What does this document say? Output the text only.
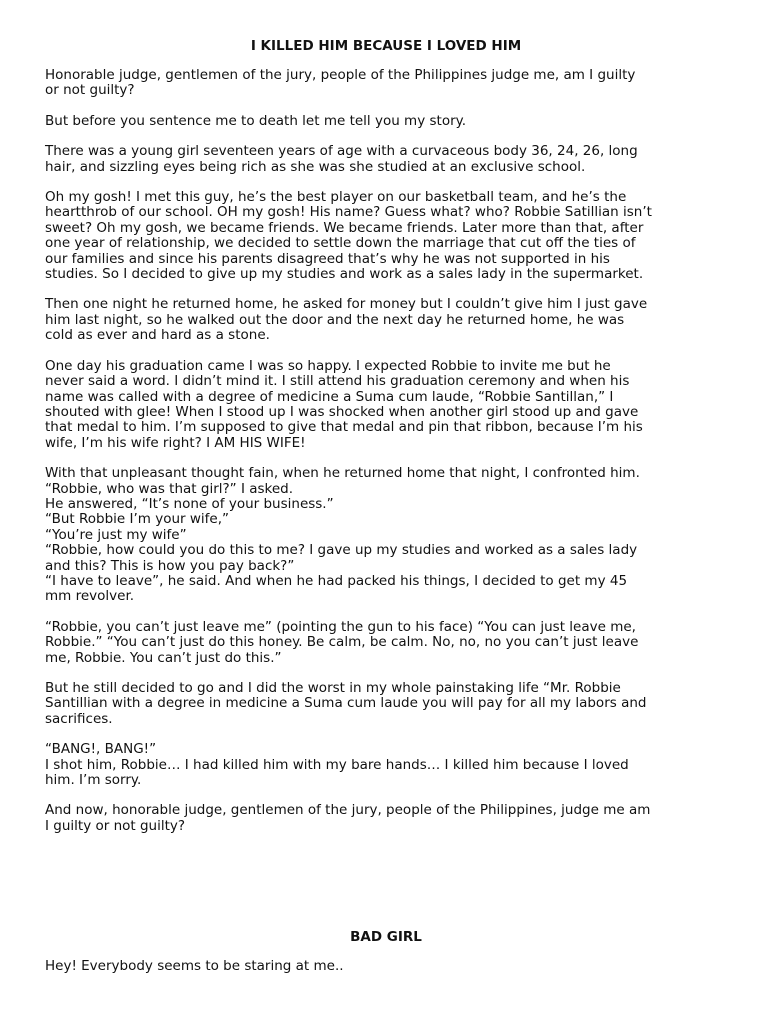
I KILLED HIM BECAUSE I LOVED HIM

Honorable judge, gentlemen of the jury, people of the Philippines judge me, am I guilty
or not guilty?

But before you sentence me to death let me tell you my story.

There was a young girl seventeen years of age with a curvaceous body 36, 24, 26, long
hair, and sizzling eyes being rich as she was she studied at an exclusive school.

Oh my gosh! I met this guy, he’s the best player on our basketball team, and he’s the
heartthrob of our school. OH my gosh! His name? Guess what? who? Robbie Satillian isn’t
sweet? Oh my gosh, we became friends. We became friends. Later more than that, after
one year of relationship, we decided to settle down the marriage that cut off the ties of
our families and since his parents disagreed that’s why he was not supported in his
studies. So I decided to give up my studies and work as a sales lady in the supermarket.

Then one night he returned home, he asked for money but I couldn’t give him I just gave
him last night, so he walked out the door and the next day he returned home, he was
cold as ever and hard as a stone.

One day his graduation came I was so happy. I expected Robbie to invite me but he
never said a word. I didn’t mind it. I still attend his graduation ceremony and when his
name was called with a degree of medicine a Suma cum laude, “Robbie Santillan,” I
shouted with glee! When I stood up I was shocked when another girl stood up and gave
that medal to him. I’m supposed to give that medal and pin that ribbon, because I’m his
wife, I’m his wife right? I AM HIS WIFE!

With that unpleasant thought fain, when he returned home that night, I confronted him.
“Robbie, who was that girl?” I asked.
He answered, “It’s none of your business.”
“But Robbie I’m your wife,”
“You’re just my wife”
“Robbie, how could you do this to me? I gave up my studies and worked as a sales lady
and this? This is how you pay back?”
“I have to leave”, he said. And when he had packed his things, I decided to get my 45
mm revolver.

“Robbie, you can’t just leave me” (pointing the gun to his face) “You can just leave me,
Robbie.” “You can’t just do this honey. Be calm, be calm. No, no, no you can’t just leave
me, Robbie. You can’t just do this.”

But he still decided to go and I did the worst in my whole painstaking life “Mr. Robbie
Santillian with a degree in medicine a Suma cum laude you will pay for all my labors and
sacrifices.

“BANG!, BANG!”
I shot him, Robbie… I had killed him with my bare hands… I killed him because I loved
him. I’m sorry.

And now, honorable judge, gentlemen of the jury, people of the Philippines, judge me am
I guilty or not guilty?

BAD GIRL

Hey! Everybody seems to be staring at me..
